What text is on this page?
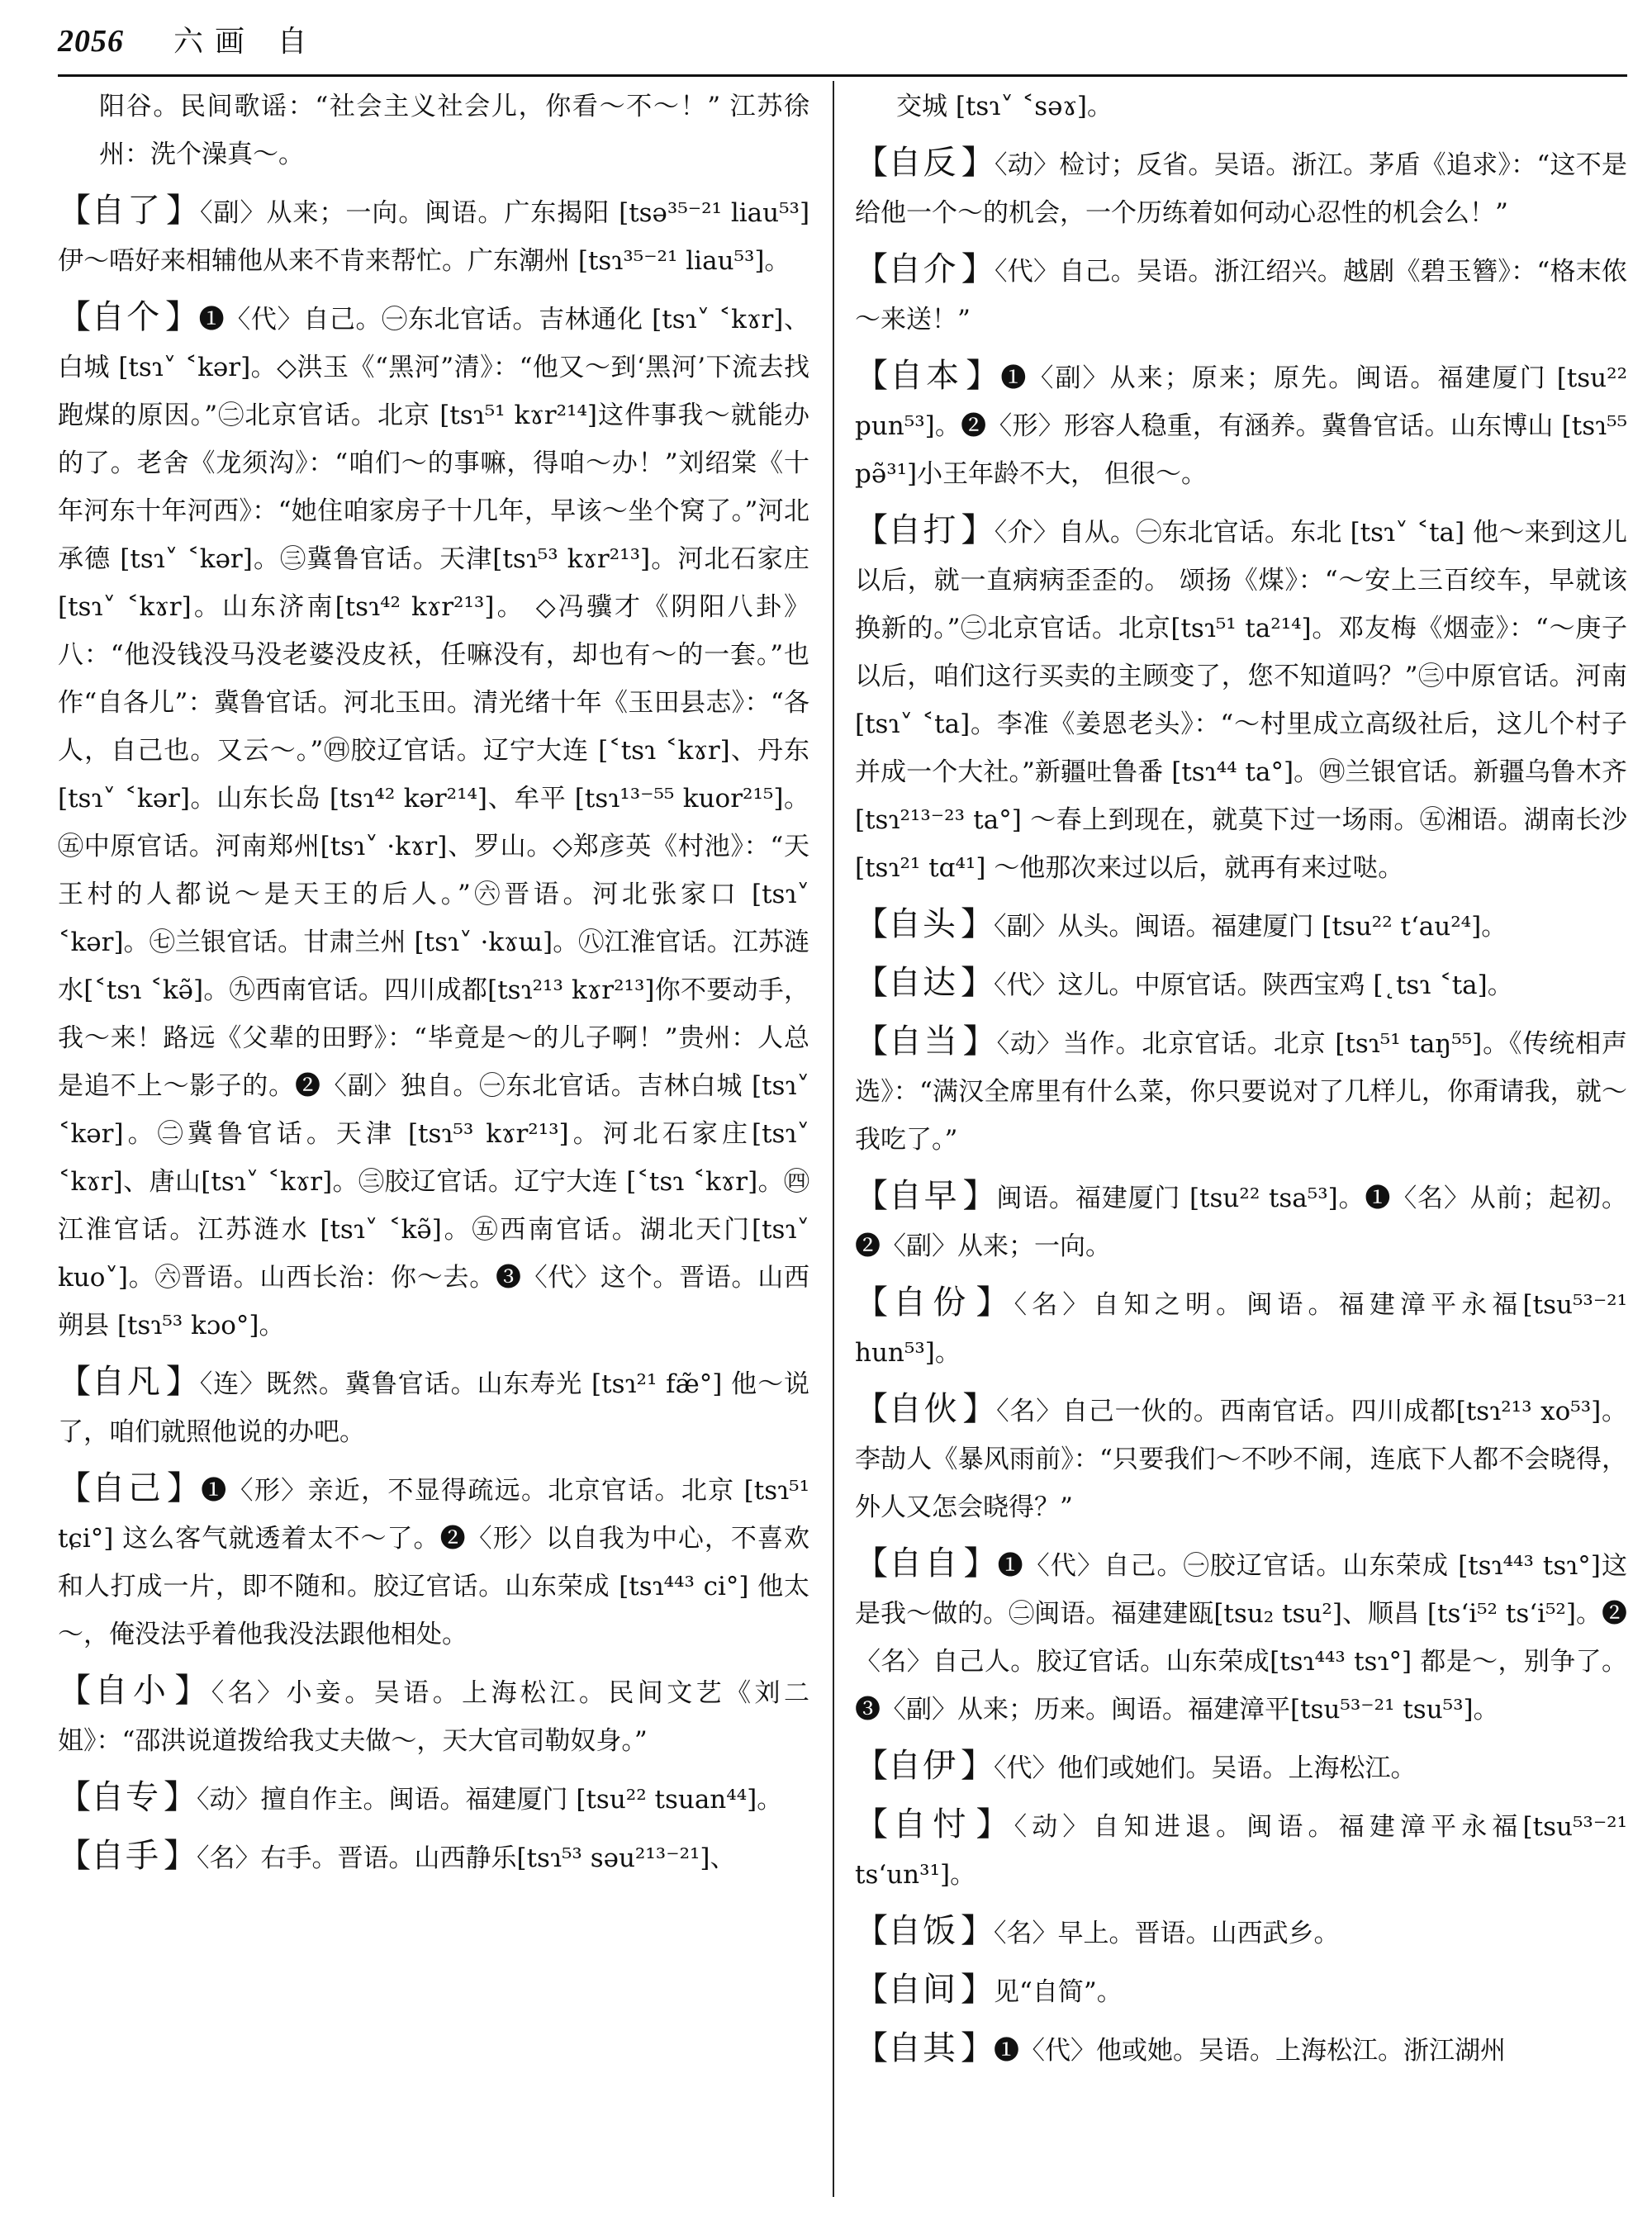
2056 六画 自

阳谷。民间歌谣：“社会主义社会儿，你看～不～！” 江苏徐州：洗个澡真～。

【自了 】〈副〉从来；一向。闽语。广东揭阳 [tsə³⁵⁻²¹ liau⁵³] 伊～唔好来相辅他从来不肯来帮忙。广东潮州 [tsɿ³⁵⁻²¹ liau⁵³]。

【自个 】❶〈代〉自己。㊀东北官话。吉林通化 [tsɿ˅ ˂kɤr]、白城 [tsɿ˅ ˂kər]。◇洪玉《“黑河”清》：“他又～到‘黑河’下流去找跑煤的原因。”㊁北京官话。北京 [tsɿ⁵¹ kɤr²¹⁴]这件事我～就能办的了。老舍《龙须沟》：“咱们～的事嘛，得咱～办！”刘绍棠《十年河东十年河西》：“她住咱家房子十几年，早该～坐个窝了。”河北承德 [tsɿ˅ ˂kər]。㊂冀鲁官话。天津[tsɿ⁵³ kɤr²¹³]。河北石家庄 [tsɿ˅ ˂kɤr]。山东济南[tsɿ⁴² kɤr²¹³]。 ◇冯骥才《阴阳八卦》八：“他没钱没马没老婆没皮袄，任嘛没有，却也有～的一套。”也作“自各儿”：冀鲁官话。河北玉田。清光绪十年《玉田县志》：“各人，自己也。又云～。”㊃胶辽官话。辽宁大连 [˂tsɿ ˂kɤr]、丹东 [tsɿ˅ ˂kər]。山东长岛 [tsɿ⁴² kər²¹⁴]、牟平 [tsɿ¹³⁻⁵⁵ kuor²¹⁵]。㊄中原官话。河南郑州[tsɿ˅ ·kɤr]、罗山。◇郑彦英《村池》：“天王村的人都说～是天王的后人。”㊅晋语。河北张家口 [tsɿ˅ ˂kər]。㊆兰银官话。甘肃兰州 [tsɿ˅ ·kɤɯ]。㊇江淮官话。江苏涟水[˂tsɿ ˂kə̃]。㊈西南官话。四川成都[tsɿ²¹³ kɤr²¹³]你不要动手，我～来！路远《父辈的田野》：“毕竟是～的儿子啊！”贵州：人总是追不上～影子的。❷〈副〉独自。㊀东北官话。吉林白城 [tsɿ˅ ˂kər]。㊁冀鲁官话。天津 [tsɿ⁵³ kɤr²¹³]。河北石家庄[tsɿ˅ ˂kɤr]、唐山[tsɿ˅ ˂kɤr]。㊂胶辽官话。辽宁大连 [˂tsɿ ˂kɤr]。㊃江淮官话。江苏涟水 [tsɿ˅ ˂kə̃]。㊄西南官话。湖北天门[tsɿ˅ kuo˅]。㊅晋语。山西长治：你～去。❸〈代〉这个。晋语。山西朔县 [tsɿ⁵³ kɔo°]。

【自凡 】〈连〉既然。冀鲁官话。山东寿光 [tsɿ²¹ fæ̃°] 他～说了，咱们就照他说的办吧。

【自己 】❶〈形〉亲近，不显得疏远。北京官话。北京 [tsɿ⁵¹ tɕi°] 这么客气就透着太不～了。❷〈形〉以自我为中心，不喜欢和人打成一片，即不随和。胶辽官话。山东荣成 [tsɿ⁴⁴³ ci°] 他太～，俺没法乎着他我没法跟他相处。

【自小 】〈名〉小妾。吴语。上海松江。民间文艺《刘二姐》：“邵洪说道拨给我丈夫做～，天大官司勒奴身。”

【自专 】〈动〉擅自作主。闽语。福建厦门 [tsu²² tsuan⁴⁴]。

【自手 】〈名〉右手。晋语。山西静乐[tsɿ⁵³ səu²¹³⁻²¹]、

交城 [tsɿ˅ ˂səɤ]。

【自反 】〈动〉检讨；反省。吴语。浙江。茅盾《追求》：“这不是给他一个～的机会，一个历练着如何动心忍性的机会么！”

【自介 】〈代〉自己。吴语。浙江绍兴。越剧《碧玉簪》：“格末侬～来送！”

【自本 】❶〈副〉从来；原来；原先。闽语。福建厦门 [tsu²² pun⁵³]。❷〈形〉形容人稳重，有涵养。冀鲁官话。山东博山 [tsɿ⁵⁵ pə̃³¹]小王年龄不大， 但很～。

【自打 】〈介〉自从。㊀东北官话。东北 [tsɿ˅ ˂ta] 他～来到这儿以后，就一直病病歪歪的。 颂扬《煤》：“～安上三百绞车，早就该换新的。”㊁北京官话。北京[tsɿ⁵¹ ta²¹⁴]。邓友梅《烟壶》：“～庚子以后，咱们这行买卖的主顾变了，您不知道吗？”㊂中原官话。河南 [tsɿ˅ ˂ta]。李准《姜恩老头》：“～村里成立高级社后，这儿个村子并成一个大社。”新疆吐鲁番 [tsɿ⁴⁴ ta°]。㊃兰银官话。新疆乌鲁木齐[tsɿ²¹³⁻²³ ta°] ～春上到现在，就莫下过一场雨。㊄湘语。湖南长沙 [tsɿ²¹ tɑ⁴¹] ～他那次来过以后，就再有来过哒。

【自头 】〈副〉从头。闽语。福建厦门 [tsu²² t‘au²⁴]。

【自达 】〈代〉这儿。中原官话。陕西宝鸡 [˛tsɿ ˂ta]。

【自当 】〈动〉当作。北京官话。北京 [tsɿ⁵¹ taŋ⁵⁵]。《传统相声选》：“满汉全席里有什么菜，你只要说对了几样儿，你甭请我，就～我吃了。”

【自早 】闽语。福建厦门 [tsu²² tsa⁵³]。❶〈名〉从前；起初。❷〈副〉从来；一向。

【自份 】〈名〉自知之明。闽语。福建漳平永福[tsu⁵³⁻²¹ hun⁵³]。

【自伙 】〈名〉自己一伙的。西南官话。四川成都[tsɿ²¹³ xo⁵³]。李劼人《暴风雨前》：“只要我们～不吵不闹，连底下人都不会晓得，外人又怎会晓得？”

【自自 】❶〈代〉自己。㊀胶辽官话。山东荣成 [tsɿ⁴⁴³ tsɿ°]这是我～做的。㊁闽语。福建建瓯[tsu₂ tsu²]、顺昌 [ts‘i⁵² ts‘i⁵²]。❷〈名〉自己人。胶辽官话。山东荣成[tsɿ⁴⁴³ tsɿ°] 都是～，别争了。❸〈副〉从来；历来。闽语。福建漳平[tsu⁵³⁻²¹ tsu⁵³]。

【自伊 】〈代〉他们或她们。吴语。上海松江。

【自忖 】〈动〉自知进退。闽语。福建漳平永福[tsu⁵³⁻²¹ ts‘un³¹]。

【自饭 】〈名〉早上。晋语。山西武乡。

【自间 】见“自简”。

【自其 】❶〈代〉他或她。吴语。上海松江。浙江湖州
